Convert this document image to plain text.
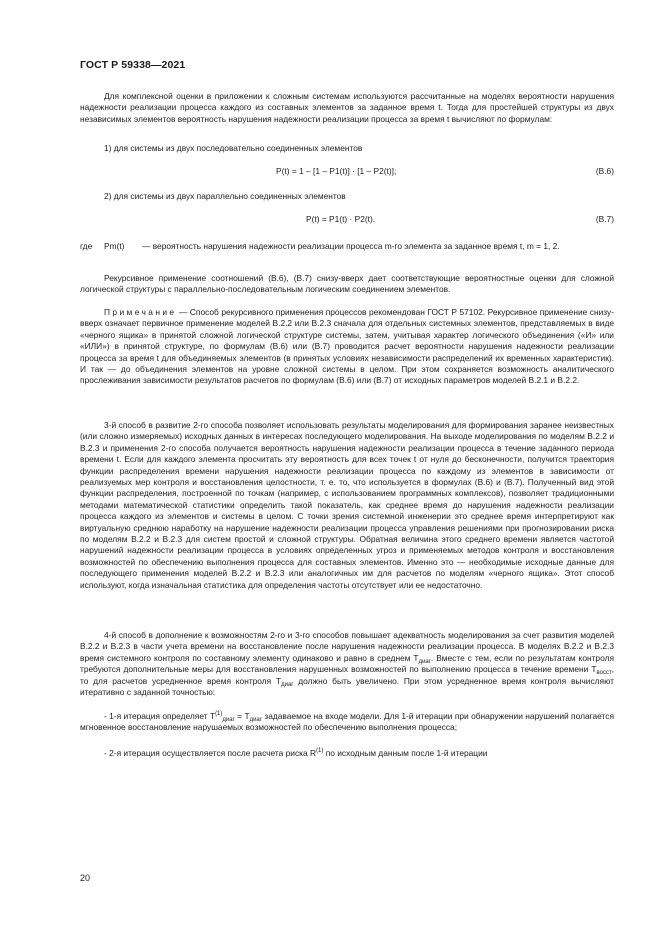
ГОСТ Р 59338—2021

Для комплексной оценки в приложении к сложным системам используются рассчитанные на моделях вероятности нарушения надежности реализации процесса каждого из составных элементов за заданное время t. Тогда для простейшей структуры из двух независимых элементов вероятность нарушения надежности реализации процесса за время t вычисляют по формулам:

1) для системы из двух последовательно соединенных элементов

P(t) = 1 – [1 – P1(t)] · [1 – P2(t)];	(В.6)

2) для системы из двух параллельно соединенных элементов

P(t) = P1(t) · P2(t).	(В.7)
где Pm(t) — вероятность нарушения надежности реализации процесса m-го элемента за заданное время t, m = 1, 2.

Рекурсивное применение соотношений (В.6), (В.7) снизу-вверх дает соответствующие вероятностные оценки для сложной логической структуры с параллельно-последовательным логическим соединением элементов.

Примечание — Способ рекурсивного применения процессов рекомендован ГОСТ Р 57102. Рекурсивное применение снизу-вверх означает первичное применение моделей В.2.2 или В.2.3 сначала для отдельных системных элементов, представляемых в виде «черного ящика» в принятой сложной логической структуре системы, затем, учитывая характер логического объединения («И» или «ИЛИ») в принятой структуре, по формулам (В.6) или (В.7) проводится расчет вероятности нарушения надежности реализации процесса за время t для объединяемых элементов (в принятых условиях независимости распределений их временных характеристик). И так — до объединения элементов на уровне сложной системы в целом. При этом сохраняется возможность аналитического прослеживания зависимости результатов расчетов по формулам (В.6) или (В.7) от исходных параметров моделей В.2.1 и В.2.2.

3-й способ в развитие 2-го способа позволяет использовать результаты моделирования для формирования заранее неизвестных (или сложно измеряемых) исходных данных в интересах последующего моделирования. На выходе моделирования по моделям В.2.2 и В.2.3 и применения 2-го способа получается вероятность нарушения надежности реализации процесса в течение заданного периода времени t. Если для каждого элемента просчитать эту вероятность для всех точек t от нуля до бесконечности, получится траектория функции распределения времени нарушения надежности реализации процесса по каждому из элементов в зависимости от реализуемых мер контроля и восстановления целостности, т. е. то, что используется в формулах (В.6) и (В.7). Полученный вид этой функции распределения, построенной по точкам (например, с использованием программных комплексов), позволяет традиционными методами математической статистики определить такой показатель, как среднее время до нарушения надежности реализации процесса каждого из элементов и системы в целом. С точки зрения системной инженерии это среднее время интерпретируют как виртуальную среднюю наработку на нарушение надежности реализации процесса управления решениями при прогнозировании риска по моделям В.2.2 и В.2.3 для систем простой и сложной структуры. Обратная величина этого среднего времени является частотой нарушений надежности реализации процесса в условиях определенных угроз и применяемых методов контроля и восстановления возможностей по обеспечению выполнения процесса для составных элементов. Именно это — необходимые исходные данные для последующего применения моделей В.2.2 и В.2.3 или аналогичных им для расчетов по моделям «черного ящика». Этот способ используют, когда изначальная статистика для определения частоты отсутствует или ее недостаточно.

4-й способ в дополнение к возможностям 2-го и 3-го способов повышает адекватность моделирования за счет развития моделей В.2.2 и В.2.3 в части учета времени на восстановление после нарушения надежности реализации процесса. В моделях В.2.2 и В.2.3 время системного контроля по составному элементу одинаково и равно в среднем $T_{диаг}$. Вместе с тем, если по результатам контроля требуются дополнительные меры для восстановления нарушенных возможностей по выполнению процесса в течение времени $T_{восст}$, то для расчетов усредненное время контроля $T_{диаг}$ должно быть увеличено. При этом усредненное время контроля вычисляют итеративно с заданной точностью:

- 1-я итерация определяет $T^{(1)}_{диаг} = T_{диаг}$ задаваемое на входе модели. Для 1-й итерации при обнаружении нарушений полагается мгновенное восстановление нарушаемых возможностей по обеспечению выполнения процесса;

- 2-я итерация осуществляется после расчета риска $R^{(1)}$ по исходным данным после 1-й итерации

20
